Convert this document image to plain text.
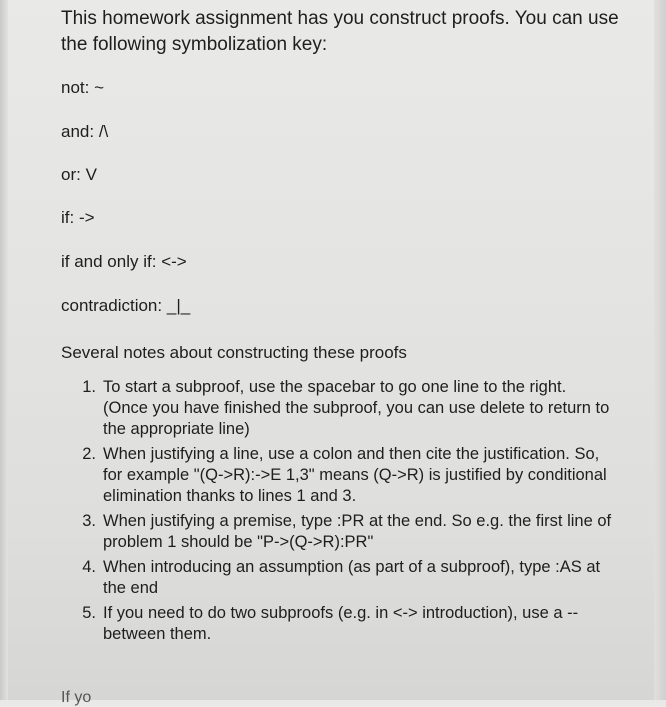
This homework assignment has you construct proofs. You can use the following symbolization key:

not: ~

and: /\

or: V

if: ->

if and only if: <->

contradiction: _|_

Several notes about constructing these proofs

1. To start a subproof, use the spacebar to go one line to the right. (Once you have finished the subproof, you can use delete to return to the appropriate line)
2. When justifying a line, use a colon and then cite the justification. So, for example "(Q->R):->E 1,3" means (Q->R) is justified by conditional elimination thanks to lines 1 and 3.
3. When justifying a premise, type :PR at the end. So e.g. the first line of problem 1 should be "P->(Q->R):PR"
4. When introducing an assumption (as part of a subproof), type :AS at the end
5. If you need to do two subproofs (e.g. in <-> introduction), use a -- between them.
If yo
